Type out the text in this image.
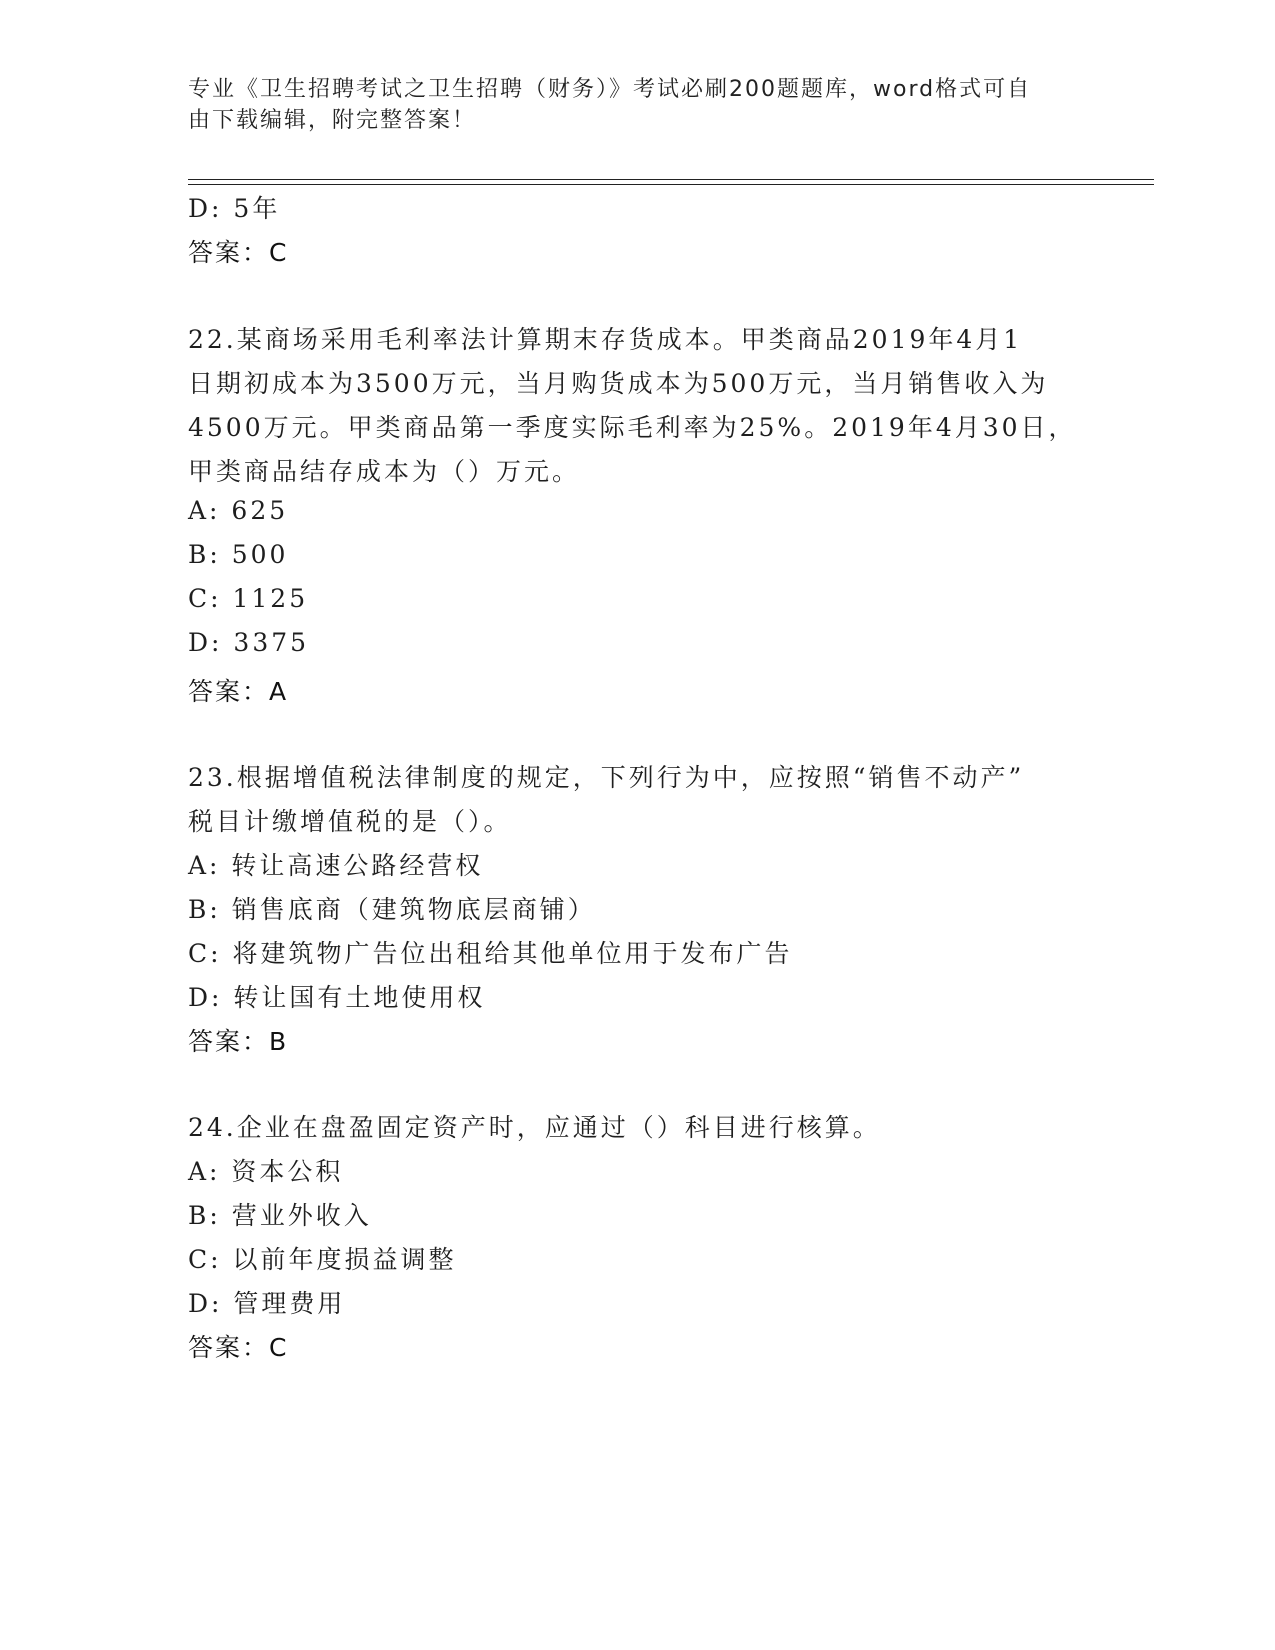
专业《卫生招聘考试之卫生招聘（财务）》考试必刷200题题库，word格式可自
由下载编辑，附完整答案！
D: 5年
答案：C
22.某商场采用毛利率法计算期末存货成本。甲类商品2019年4月1
日期初成本为3500万元，当月购货成本为500万元，当月销售收入为
4500万元。甲类商品第一季度实际毛利率为25%。2019年4月30日，
甲类商品结存成本为（）万元。
A: 625
B: 500
C: 1125
D: 3375
答案：A
23.根据增值税法律制度的规定，下列行为中，应按照“销售不动产”
税目计缴增值税的是（）。
A: 转让高速公路经营权
B: 销售底商（建筑物底层商铺）
C: 将建筑物广告位出租给其他单位用于发布广告
D: 转让国有土地使用权
答案：B
24.企业在盘盈固定资产时，应通过（）科目进行核算。
A: 资本公积
B: 营业外收入
C: 以前年度损益调整
D: 管理费用
答案：C
